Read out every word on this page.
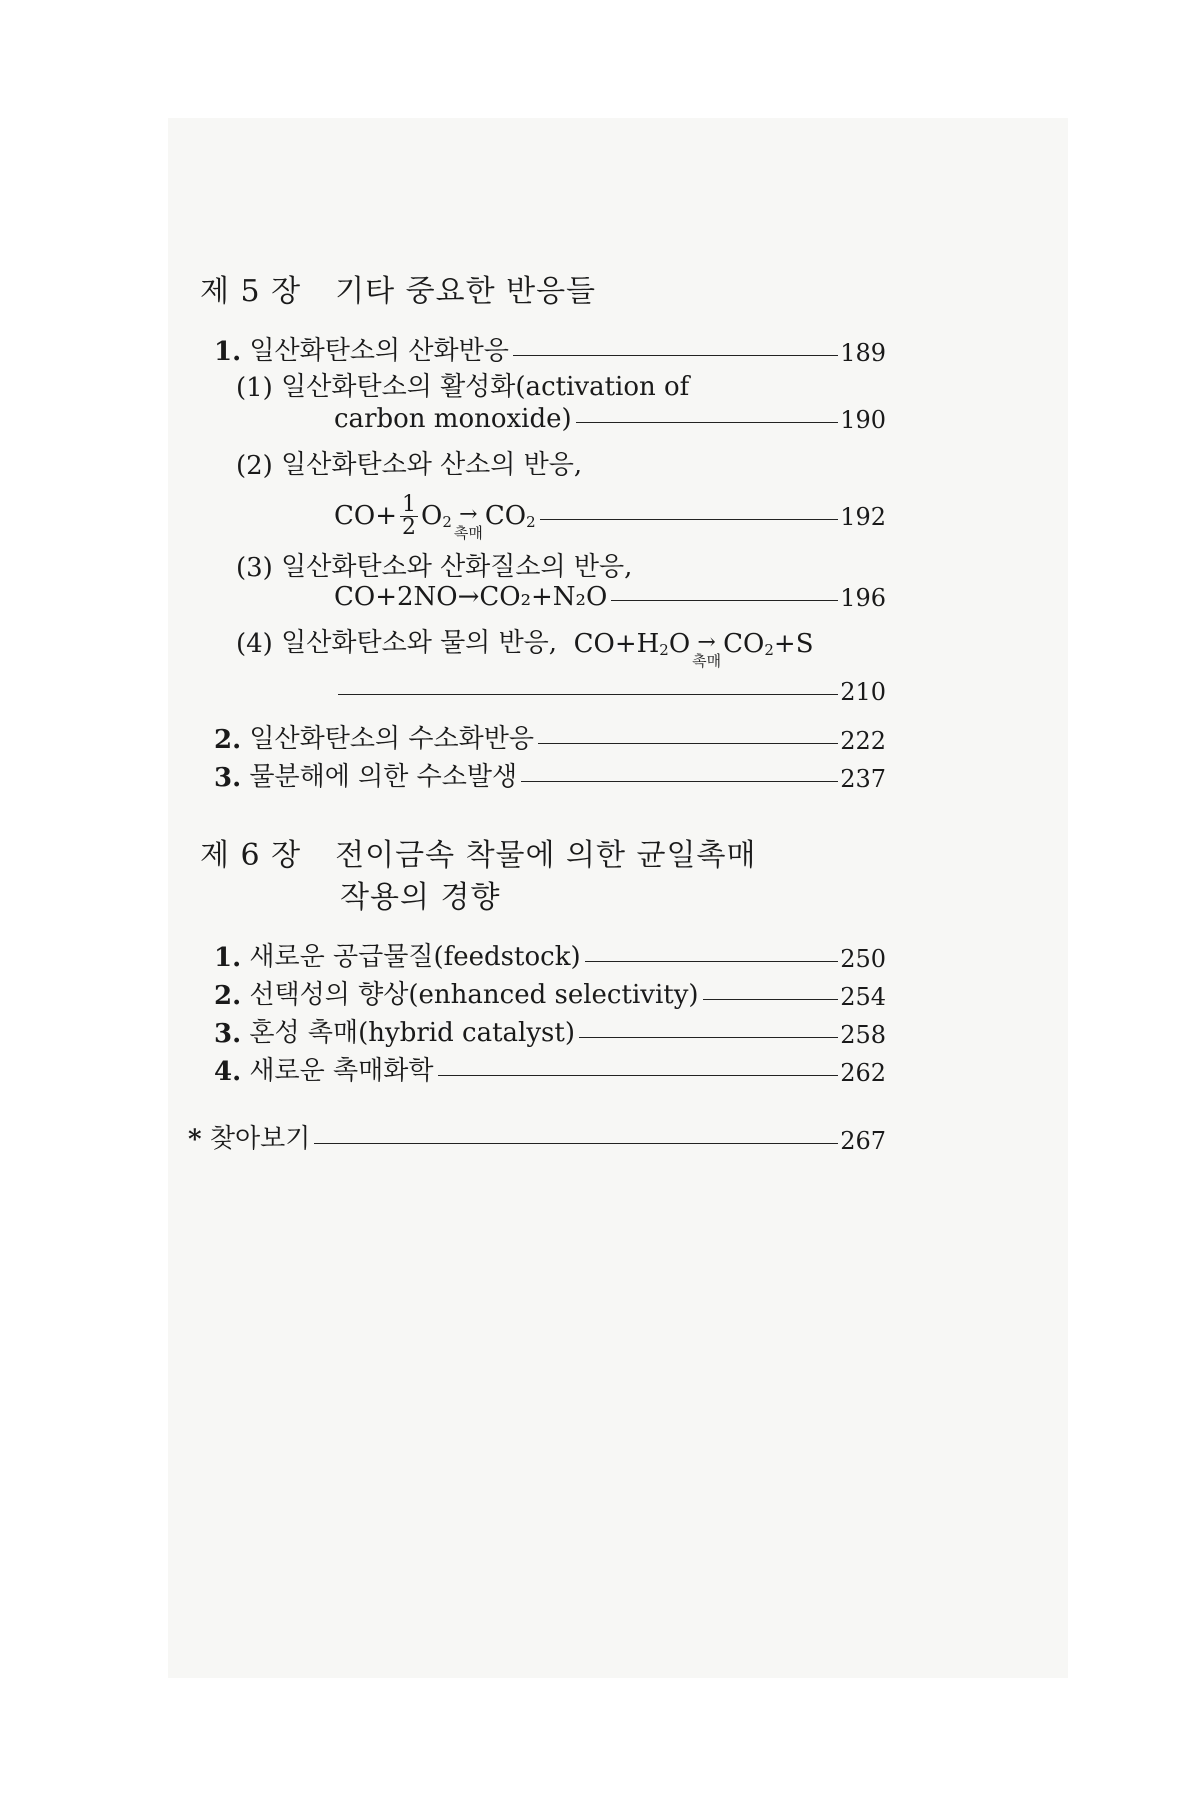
제 5 장 기타 중요한 반응들
1.
일산화탄소의 산화반응	189
(1)
일산화탄소의 활성화(activation of
carbon monoxide)	190
(2)
일산화탄소와 산소의 반응,
$CO+ \frac{1}{2} O_2$ →
촉매
$CO_2$	192
(3)
일산화탄소와 산화질소의 반응,
CO+2NO→CO₂+N₂O	196
(4)
일산화탄소와 물의 반응,
$CO+H_2$ O →
촉매
$CO_2 +S$
210
2.
일산화탄소의 수소화반응	222
3.
물분해에 의한 수소발생	237
제 6 장 전이금속 착물에 의한 균일촉매
작용의 경향
1.
새로운 공급물질(feedstock)	250
2.
선택성의 향상(enhanced selectivity)	254
3.
혼성 촉매(hybrid catalyst)	258
4.
새로운 촉매화학	262
*
찾아보기	267
